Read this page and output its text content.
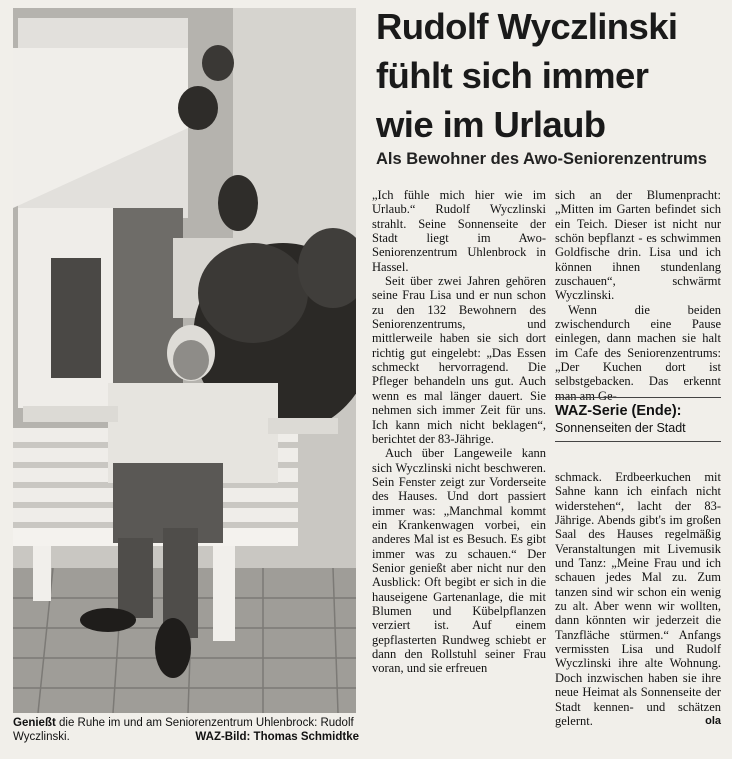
Genießt die Ruhe im und am Seniorenzentrum Uhlenbrock: Rudolf Wyczlinski.	WAZ-Bild: Thomas Schmidtke
Rudolf Wyczlinski
fühlt sich immer
wie im Urlaub
Als Bewohner des Awo-Seniorenzentrums

„Ich fühle mich hier wie im Urlaub.“ Rudolf Wyczlinski strahlt. Seine Sonnenseite der Stadt liegt im Awo-Seniorenzentrum Uhlenbrock in Hassel.

Seit über zwei Jahren gehören seine Frau Lisa und er nun schon zu den 132 Bewohnern des Seniorenzentrums, und mittlerweile haben sie sich dort richtig gut eingelebt: „Das Essen schmeckt hervorragend. Die Pfleger behandeln uns gut. Auch wenn es mal länger dauert. Sie nehmen sich immer Zeit für uns. Ich kann mich nicht beklagen“, berichtet der 83-Jährige.

Auch über Langeweile kann sich Wyczlinski nicht beschweren. Sein Fenster zeigt zur Vorderseite des Hauses. Und dort passiert immer was: „Manchmal kommt ein Krankenwagen vorbei, ein anderes Mal ist es Besuch. Es gibt immer was zu schauen.“ Der Senior genießt aber nicht nur den Ausblick: Oft begibt er sich in die hauseigene Gartenanlage, die mit Blumen und Kübelpflanzen verziert ist. Auf einem gepflasterten Rundweg schiebt er dann den Rollstuhl seiner Frau voran, und sie erfreuen

sich an der Blumenpracht: „Mitten im Garten befindet sich ein Teich. Dieser ist nicht nur schön bepflanzt - es schwimmen Goldfische drin. Lisa und ich können ihnen stundenlang zuschauen“, schwärmt Wyczlinski.

Wenn die beiden zwischendurch eine Pause einlegen, dann machen sie halt im Cafe des Seniorenzentrums: „Der Kuchen dort ist selbstgebacken. Das erkennt man am Ge-

WAZ-Serie (Ende):
Sonnenseiten der Stadt

schmack. Erdbeerkuchen mit Sahne kann ich einfach nicht widerstehen“, lacht der 83-Jährige. Abends gibt's im großen Saal des Hauses regelmäßig Veranstaltungen mit Livemusik und Tanz: „Meine Frau und ich schauen jedes Mal zu. Zum tanzen sind wir schon ein wenig zu alt. Aber wenn wir wollten, dann könnten wir jederzeit die Tanzfläche stürmen.“ Anfangs vermissten Lisa und Rudolf Wyczlinski ihre alte Wohnung. Doch inzwischen haben sie ihre neue Heimat als Sonnenseite der Stadt kennen- und schätzen gelernt.	ola
